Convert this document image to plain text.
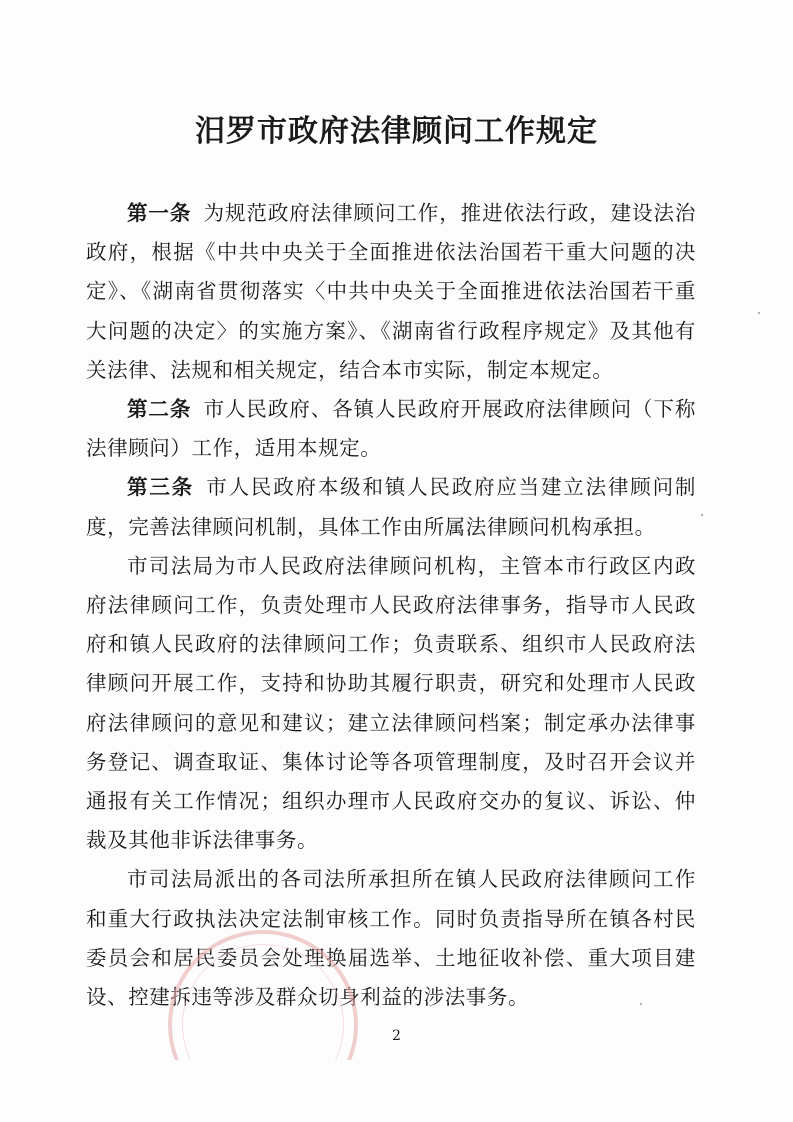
汨罗市政府法律顾问工作规定

第一条 为规范政府法律顾问工作，推进依法行政，建设法治政府，根据《中共中央关于全面推进依法治国若干重大问题的决定》、《湖南省贯彻落实〈中共中央关于全面推进依法治国若干重大问题的决定〉的实施方案》、《湖南省行政程序规定》及其他有关法律、法规和相关规定，结合本市实际，制定本规定。

第二条 市人民政府、各镇人民政府开展政府法律顾问（下称法律顾问）工作，适用本规定。

第三条 市人民政府本级和镇人民政府应当建立法律顾问制度，完善法律顾问机制，具体工作由所属法律顾问机构承担。

市司法局为市人民政府法律顾问机构，主管本市行政区内政府法律顾问工作，负责处理市人民政府法律事务，指导市人民政府和镇人民政府的法律顾问工作；负责联系、组织市人民政府法律顾问开展工作，支持和协助其履行职责，研究和处理市人民政府法律顾问的意见和建议；建立法律顾问档案；制定承办法律事务登记、调查取证、集体讨论等各项管理制度，及时召开会议并通报有关工作情况；组织办理市人民政府交办的复议、诉讼、仲裁及其他非诉法律事务。

市司法局派出的各司法所承担所在镇人民政府法律顾问工作和重大行政执法决定法制审核工作。同时负责指导所在镇各村民委员会和居民委员会处理换届选举、土地征收补偿、重大项目建设、控建拆违等涉及群众切身利益的涉法事务。

2
